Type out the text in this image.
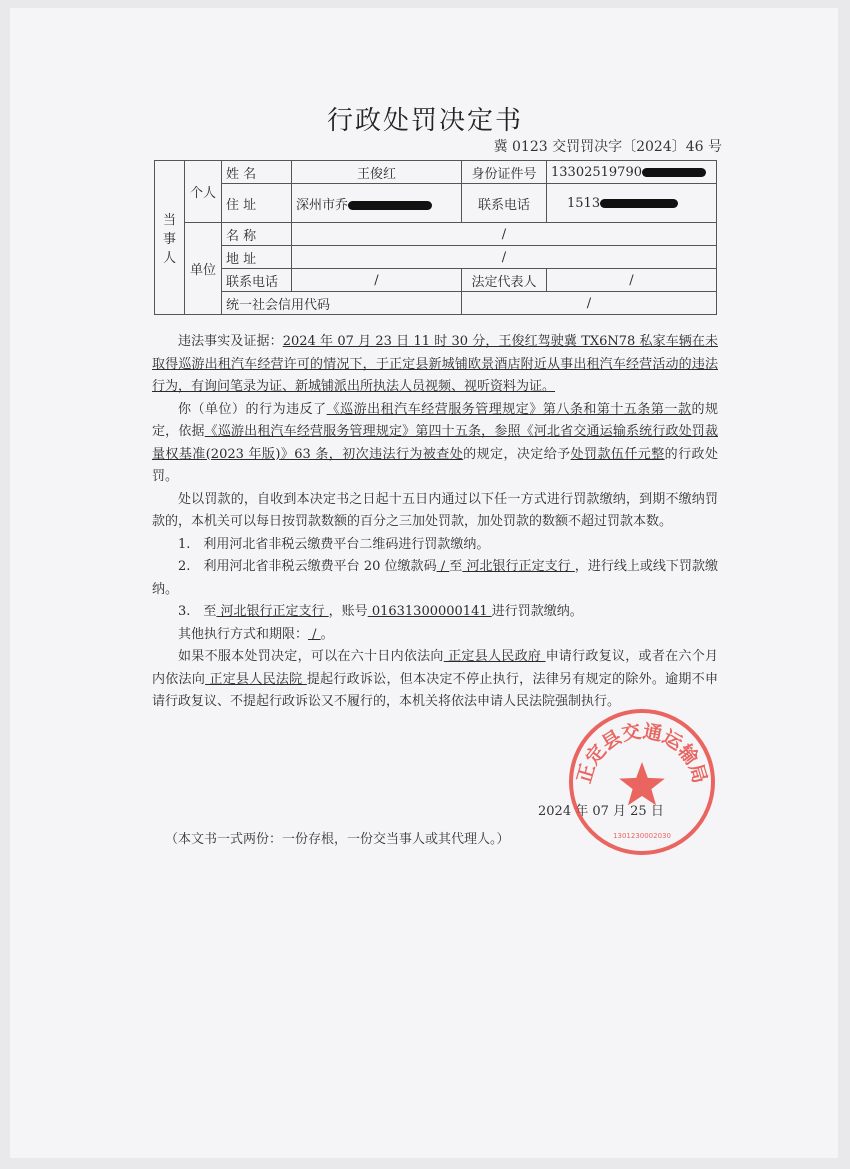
行政处罚决定书
冀 0123 交罚罚决字〔2024〕46 号
当事人	个人	姓 名	王俊红	身份证件号	13302519790
		住 址	深州市乔	联系电话	1513
	单位	名 称	/		
		地 址	/		
		联系电话	/	法定代表人	/
		统一社会信用代码		/	

违法事实及证据：2024 年 07 月 23 日 11 时 30 分，王俊红驾驶冀 TX6N78 私家车辆在未取得巡游出租汽车经营许可的情况下，于正定县新城铺欧景酒店附近从事出租汽车经营活动的违法行为，有询问笔录为证、新城铺派出所执法人员视频、视听资料为证。

你（单位）的行为违反了《巡游出租汽车经营服务管理规定》第八条和第十五条第一款的规定，依据《巡游出租汽车经营服务管理规定》第四十五条，参照《河北省交通运输系统行政处罚裁量权基准(2023 年版)》63 条，初次违法行为被查处的规定，决定给予处罚款伍仟元整的行政处罚。

处以罚款的，自收到本决定书之日起十五日内通过以下任一方式进行罚款缴纳，到期不缴纳罚款的，本机关可以每日按罚款数额的百分之三加处罚款，加处罚款的数额不超过罚款本数。

1.　利用河北省非税云缴费平台二维码进行罚款缴纳。

2.　利用河北省非税云缴费平台 20 位缴款码 / 至 河北银行正定支行 ，进行线上或线下罚款缴纳。

3.　至 河北银行正定支行 ，账号 01631300000141 进行罚款缴纳。

其他执行方式和期限： / 。

如果不服本处罚决定，可以在六十日内依法向 正定县人民政府 申请行政复议，或者在六个月内依法向 正定县人民法院 提起行政诉讼，但本决定不停止执行，法律另有规定的除外。逾期不申请行政复议、不提起行政诉讼又不履行的，本机关将依法申请人民法院强制执行。

2024 年 07 月 25 日
（本文书一式两份：一份存根，一份交当事人或其代理人。）
正定县交通运输局
1301230002030
